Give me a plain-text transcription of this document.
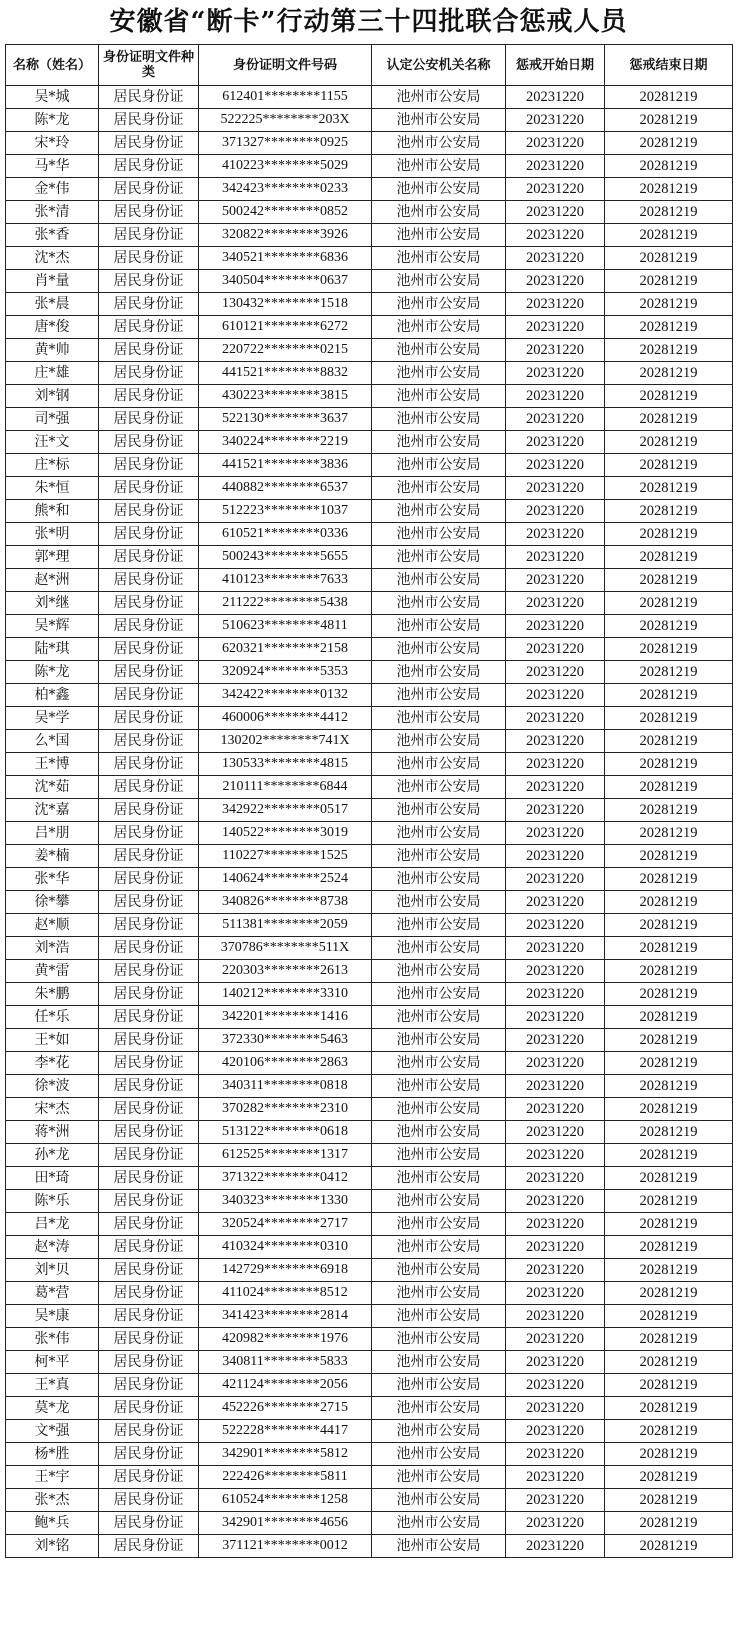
安徽省“断卡”行动第三十四批联合惩戒人员
名称（姓名）	身份证明文件种类	身份证明文件号码	认定公安机关名称	惩戒开始日期	惩戒结束日期
吴*城	居民身份证	612401********1155	池州市公安局	20231220	20281219
陈*龙	居民身份证	522225********203X	池州市公安局	20231220	20281219
宋*玲	居民身份证	371327********0925	池州市公安局	20231220	20281219
马*华	居民身份证	410223********5029	池州市公安局	20231220	20281219
金*伟	居民身份证	342423********0233	池州市公安局	20231220	20281219
张*清	居民身份证	500242********0852	池州市公安局	20231220	20281219
张*香	居民身份证	320822********3926	池州市公安局	20231220	20281219
沈*杰	居民身份证	340521********6836	池州市公安局	20231220	20281219
肖*量	居民身份证	340504********0637	池州市公安局	20231220	20281219
张*晨	居民身份证	130432********1518	池州市公安局	20231220	20281219
唐*俊	居民身份证	610121********6272	池州市公安局	20231220	20281219
黄*帅	居民身份证	220722********0215	池州市公安局	20231220	20281219
庄*雄	居民身份证	441521********8832	池州市公安局	20231220	20281219
刘*钢	居民身份证	430223********3815	池州市公安局	20231220	20281219
司*强	居民身份证	522130********3637	池州市公安局	20231220	20281219
汪*文	居民身份证	340224********2219	池州市公安局	20231220	20281219
庄*标	居民身份证	441521********3836	池州市公安局	20231220	20281219
朱*恒	居民身份证	440882********6537	池州市公安局	20231220	20281219
熊*和	居民身份证	512223********1037	池州市公安局	20231220	20281219
张*明	居民身份证	610521********0336	池州市公安局	20231220	20281219
郭*理	居民身份证	500243********5655	池州市公安局	20231220	20281219
赵*洲	居民身份证	410123********7633	池州市公安局	20231220	20281219
刘*继	居民身份证	211222********5438	池州市公安局	20231220	20281219
吴*辉	居民身份证	510623********4811	池州市公安局	20231220	20281219
陆*琪	居民身份证	620321********2158	池州市公安局	20231220	20281219
陈*龙	居民身份证	320924********5353	池州市公安局	20231220	20281219
柏*鑫	居民身份证	342422********0132	池州市公安局	20231220	20281219
吴*学	居民身份证	460006********4412	池州市公安局	20231220	20281219
么*国	居民身份证	130202********741X	池州市公安局	20231220	20281219
王*博	居民身份证	130533********4815	池州市公安局	20231220	20281219
沈*茹	居民身份证	210111********6844	池州市公安局	20231220	20281219
沈*嘉	居民身份证	342922********0517	池州市公安局	20231220	20281219
吕*朋	居民身份证	140522********3019	池州市公安局	20231220	20281219
姜*楠	居民身份证	110227********1525	池州市公安局	20231220	20281219
张*华	居民身份证	140624********2524	池州市公安局	20231220	20281219
徐*攀	居民身份证	340826********8738	池州市公安局	20231220	20281219
赵*顺	居民身份证	511381********2059	池州市公安局	20231220	20281219
刘*浩	居民身份证	370786********511X	池州市公安局	20231220	20281219
黄*雷	居民身份证	220303********2613	池州市公安局	20231220	20281219
朱*鹏	居民身份证	140212********3310	池州市公安局	20231220	20281219
任*乐	居民身份证	342201********1416	池州市公安局	20231220	20281219
王*如	居民身份证	372330********5463	池州市公安局	20231220	20281219
李*花	居民身份证	420106********2863	池州市公安局	20231220	20281219
徐*波	居民身份证	340311********0818	池州市公安局	20231220	20281219
宋*杰	居民身份证	370282********2310	池州市公安局	20231220	20281219
蒋*洲	居民身份证	513122********0618	池州市公安局	20231220	20281219
孙*龙	居民身份证	612525********1317	池州市公安局	20231220	20281219
田*琦	居民身份证	371322********0412	池州市公安局	20231220	20281219
陈*乐	居民身份证	340323********1330	池州市公安局	20231220	20281219
吕*龙	居民身份证	320524********2717	池州市公安局	20231220	20281219
赵*涛	居民身份证	410324********0310	池州市公安局	20231220	20281219
刘*贝	居民身份证	142729********6918	池州市公安局	20231220	20281219
葛*营	居民身份证	411024********8512	池州市公安局	20231220	20281219
吴*康	居民身份证	341423********2814	池州市公安局	20231220	20281219
张*伟	居民身份证	420982********1976	池州市公安局	20231220	20281219
柯*平	居民身份证	340811********5833	池州市公安局	20231220	20281219
王*真	居民身份证	421124********2056	池州市公安局	20231220	20281219
莫*龙	居民身份证	452226********2715	池州市公安局	20231220	20281219
文*强	居民身份证	522228********4417	池州市公安局	20231220	20281219
杨*胜	居民身份证	342901********5812	池州市公安局	20231220	20281219
王*宇	居民身份证	222426********5811	池州市公安局	20231220	20281219
张*杰	居民身份证	610524********1258	池州市公安局	20231220	20281219
鲍*兵	居民身份证	342901********4656	池州市公安局	20231220	20281219
刘*铭	居民身份证	371121********0012	池州市公安局	20231220	20281219
